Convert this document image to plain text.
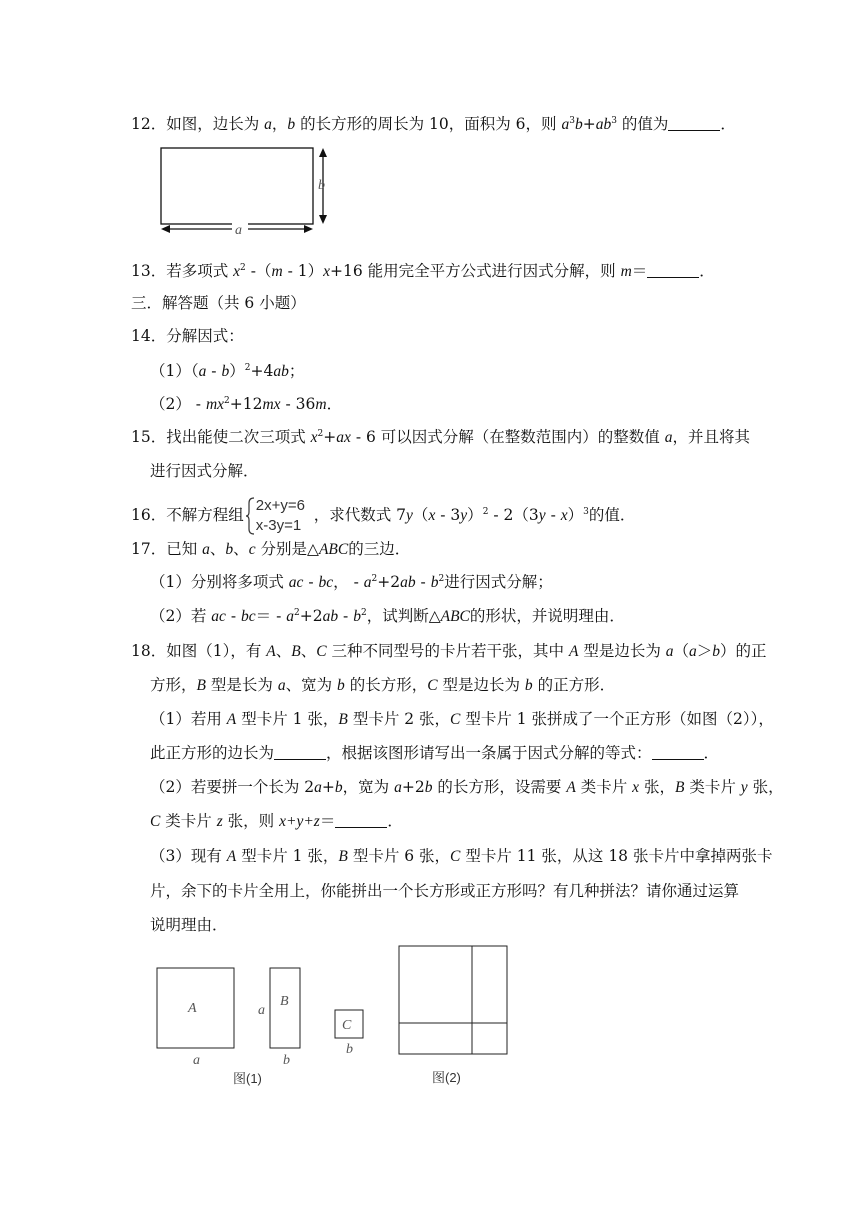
12．如图，边长为 a，b 的长方形的周长为 10，面积为 6，则 $a^3b+ab^3$ 的值为	．
b
a
13．若多项式 $x^2$ -（m - 1）x+16 能用完全平方公式进行因式分解，则 m＝	．
三．解答题（共 6 小题）
14．分解因式：
（1）（a - b）$^2$+4ab；
$(2) - mx^2+12mx - 36m$．
15．找出能使二次三项式 $x^2+ax - 6$ 可以因式分解（在整数范围内）的整数值 a，并且将其
进行因式分解．
16．不解方程组
2x+y=6
x-3y=1
，求代数式 7y（x - 3y）$^2$ - 2（3y - x）$^3$的值．
17．已知 a、b、c 分别是△ABC的三边．
（1）分别将多项式 ac - bc， - $a^2+2ab - b^2$进行因式分解；
（2）若 ac - $bc= - a^2+2ab - b^2$，试判断△ABC的形状，并说明理由．
18．如图（1），有 A、B、C 三种不同型号的卡片若干张，其中 A 型是边长为 a（a＞b）的正
方形，B 型是长为 a、宽为 b 的长方形，C 型是边长为 b 的正方形．
（1）若用 A 型卡片 1 张，B 型卡片 2 张，C 型卡片 1 张拼成了一个正方形（如图（2）），
此正方形的边长为	，根据该图形请写出一条属于因式分解的等式：	．
（2）若要拼一个长为 2a+b，宽为 a+2b 的长方形，设需要 A 类卡片 x 张，B 类卡片 y 张，
C 类卡片 z 张，则 x+y+z＝	．
（3）现有 A 型卡片 1 张，B 型卡片 6 张，C 型卡片 11 张，从这 18 张卡片中拿掉两张卡
片，余下的卡片全用上，你能拼出一个长方形或正方形吗？有几种拼法？请你通过运算
说明理由．
A
a
B
a
b
C
b
图(1)	图(2)
